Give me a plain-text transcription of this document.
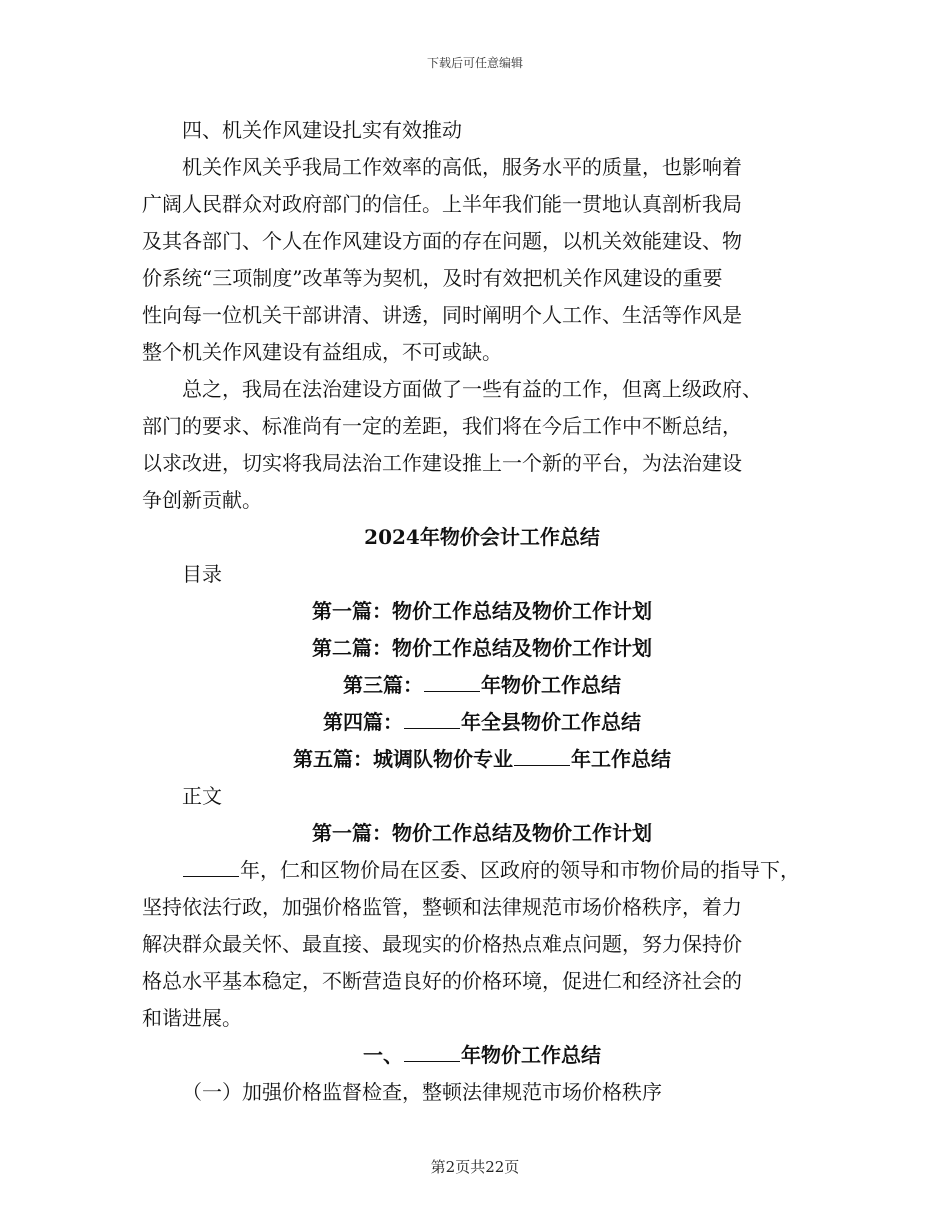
下载后可任意编辑
四、机关作风建设扎实有效推动
机关作风关乎我局工作效率的高低，服务水平的质量，也影响着
广阔人民群众对政府部门的信任。上半年我们能一贯地认真剖析我局
及其各部门、个人在作风建设方面的存在问题，以机关效能建设、物
价系统“三项制度”改革等为契机，及时有效把机关作风建设的重要
性向每一位机关干部讲清、讲透，同时阐明个人工作、生活等作风是
整个机关作风建设有益组成，不可或缺。
总之，我局在法治建设方面做了一些有益的工作，但离上级政府、
部门的要求、标准尚有一定的差距，我们将在今后工作中不断总结，
以求改进，切实将我局法治工作建设推上一个新的平台，为法治建设
争创新贡献。
2024年物价会计工作总结
目录
第一篇：物价工作总结及物价工作计划
第二篇：物价工作总结及物价工作计划
第三篇：	年物价工作总结
第四篇：	年全县物价工作总结
第五篇：城调队物价专业	年工作总结
正文
第一篇：物价工作总结及物价工作计划
年，仁和区物价局在区委、区政府的领导和市物价局的指导下，
坚持依法行政，加强价格监管，整顿和法律规范市场价格秩序，着力
解决群众最关怀、最直接、最现实的价格热点难点问题，努力保持价
格总水平基本稳定，不断营造良好的价格环境，促进仁和经济社会的
和谐进展。
一、	年物价工作总结
（一）加强价格监督检查，整顿法律规范市场价格秩序
第2页共22页
